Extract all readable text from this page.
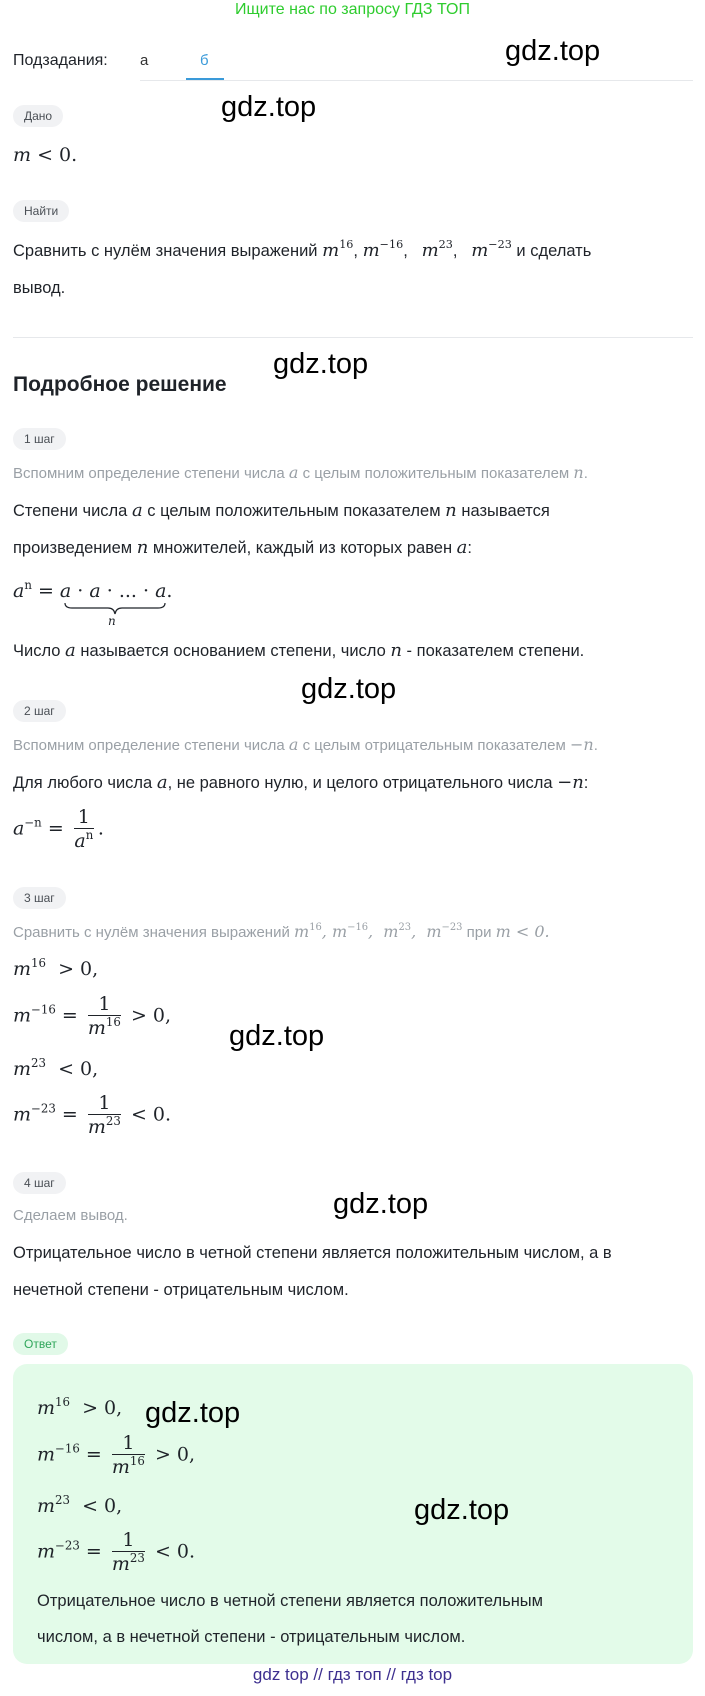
Ищите нас по запросу ГДЗ ТОП
Подзадания: а	б	gdz.top
gdz.top
gdz.top
gdz.top
gdz.top
gdz.top
Дано
m < 0.
Найти
Сравнить с нулём значения выражений $m^{16}$, $m^{-16}$,   $m^{23}$,   $m^{-23}$ и сделать
вывод.
Подробное решение
1 шаг
Вспомним определение степени числа a с целым положительным показателем n.
Степени числа a с целым положительным показателем n называется
произведением n множителей, каждый из которых равен a:
$a^n = a \cdot a$ · ... · a.
n
Число a называется основанием степени, число n - показателем степени.
2 шаг
Вспомним определение степени числа a с целым отрицательным показателем −n.
Для любого числа a, не равного нулю, и целого отрицательного числа −n:
$a^{-n} = \frac{1}{a^n}$ .
3 шаг
Сравнить с нулём значения выражений $m^{16}$, $m^{-16}$,  $m^{23}$,  $m^{-23}$ при m < 0.
$m^{16} > 0$,
$m^{-16} = \frac{1}{m^{16}} > 0$,
$m^{23} < 0$,
$m^{-23} = \frac{1}{m^{23}} < 0$.
4 шаг
Сделаем вывод.
Отрицательное число в четной степени является положительным числом, а в
нечетной степени - отрицательным числом.
Ответ
$m^{16} > 0$,
$m^{-16} = \frac{1}{m^{16}} > 0$,
$m^{23} < 0$,
$m^{-23} = \frac{1}{m^{23}} < 0$.
Отрицательное число в четной степени является положительным
числом, а в нечетной степени - отрицательным числом.
gdz.top
gdz.top
gdz top // гдз топ // гдз top
